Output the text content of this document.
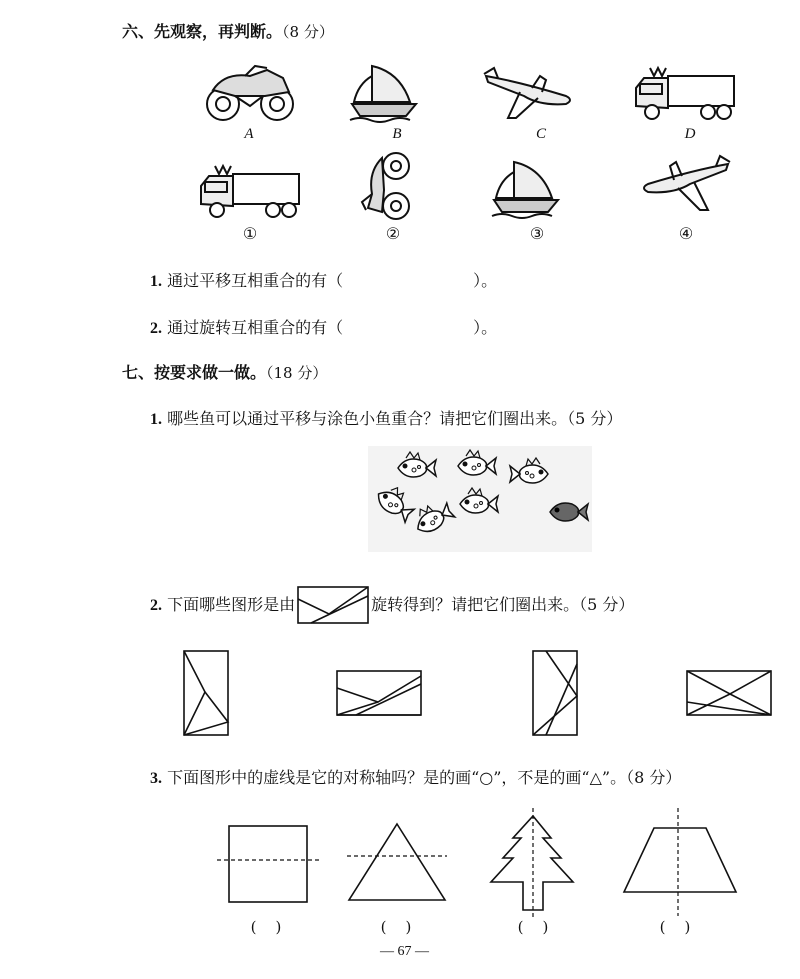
六、先观察，再判断。（8 分）
A	B	C	D
①	②	③	④
1. 通过平移互相重合的有（	）。
2. 通过旋转互相重合的有（	）。
七、按要求做一做。（18 分）
1. 哪些鱼可以通过平移与涂色小鱼重合？请把它们圈出来。（5 分）
2. 下面哪些图形是由	旋转得到？请把它们圈出来。（5 分）
3. 下面图形中的虚线是它的对称轴吗？是的画“○”，不是的画“△”。（8 分）
(    )	(    )	(    )	(    )
— 67 —
